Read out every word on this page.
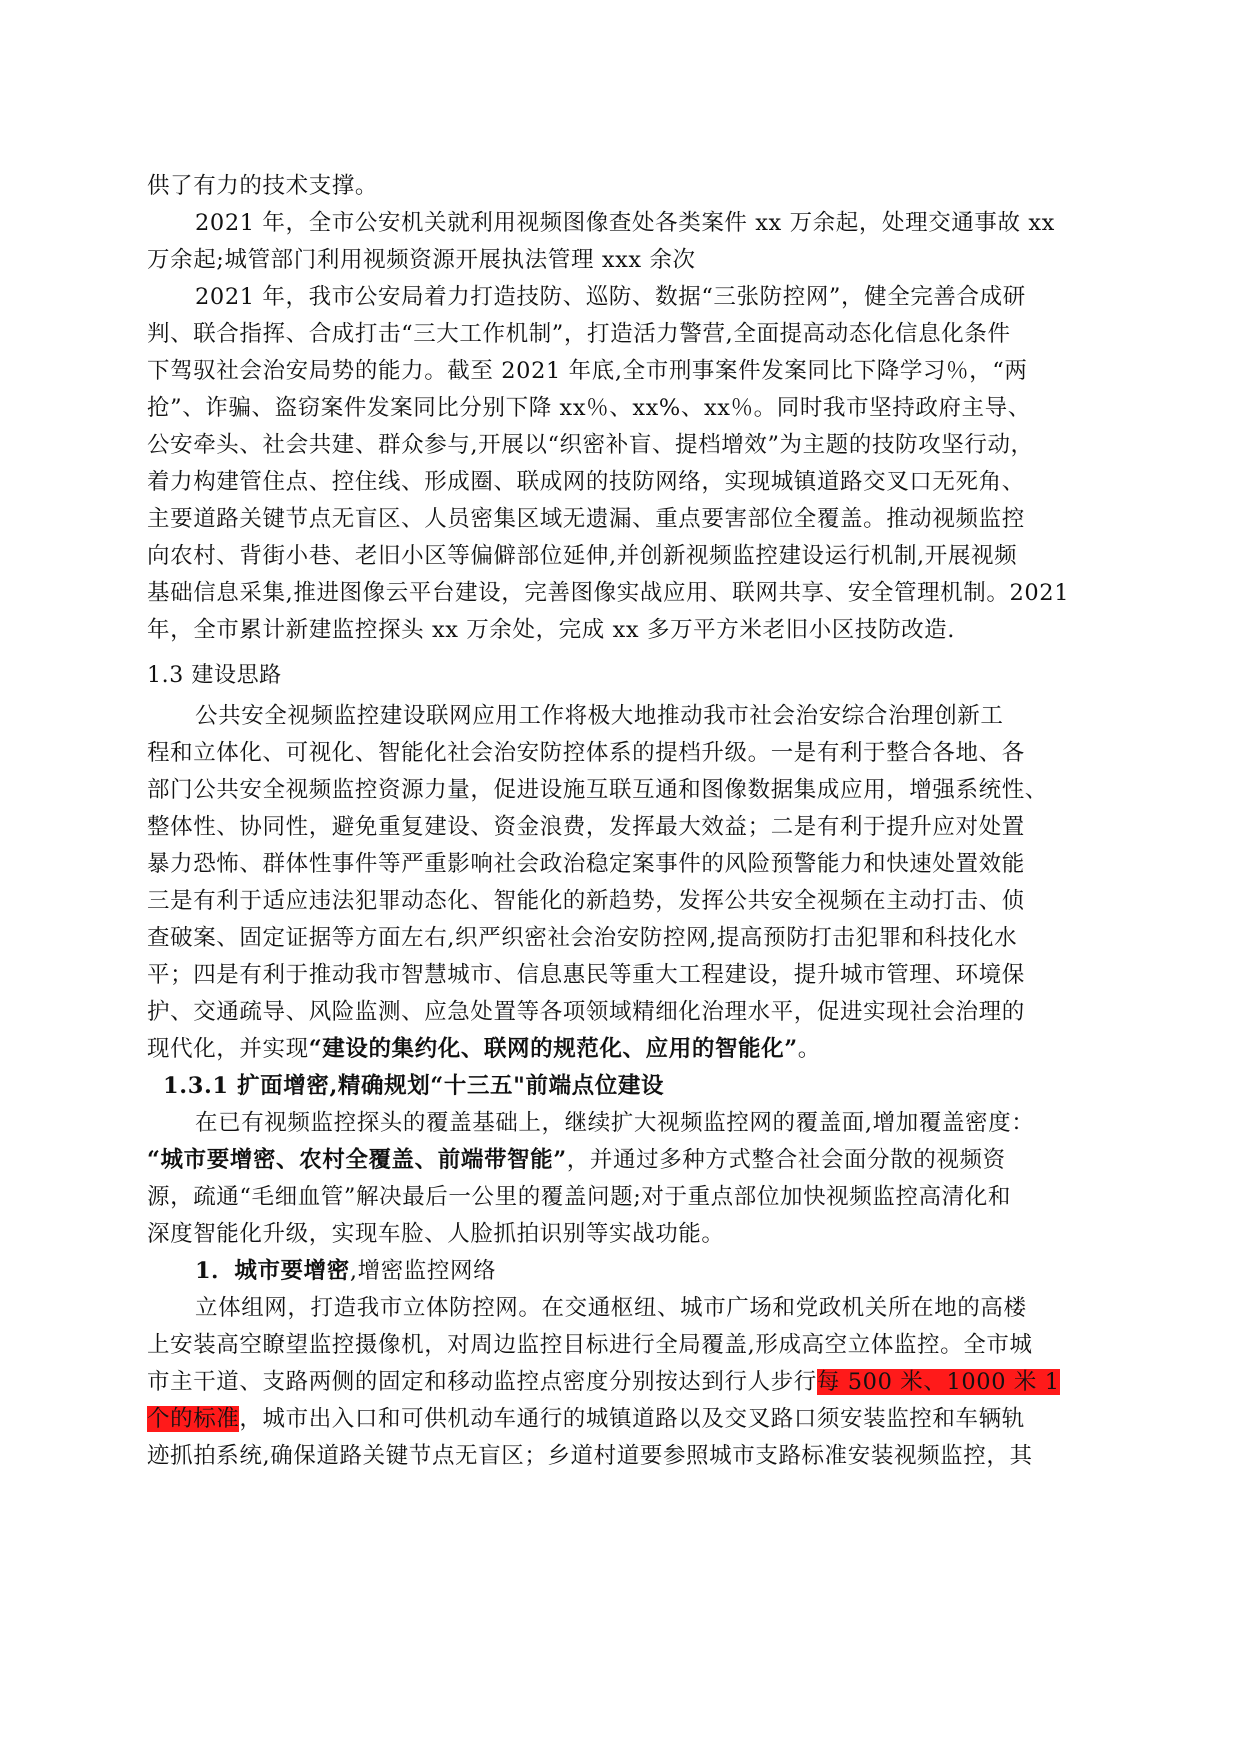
供了有力的技术支撑。
2021 年，全市公安机关就利用视频图像查处各类案件 xx 万余起，处理交通事故 xx
万余起;城管部门利用视频资源开展执法管理 xxx 余次
2021 年，我市公安局着力打造技防、巡防、数据“三张防控网”，健全完善合成研
判、联合指挥、合成打击“三大工作机制”，打造活力警营,全面提高动态化信息化条件
下驾驭社会治安局势的能力。截至 2021 年底,全市刑事案件发案同比下降学习％，“两
抢”、诈骗、盗窃案件发案同比分别下降 xx％、xx%、xx％。同时我市坚持政府主导、
公安牵头、社会共建、群众参与,开展以“织密补盲、提档增效”为主题的技防攻坚行动，
着力构建管住点、控住线、形成圈、联成网的技防网络，实现城镇道路交叉口无死角、
主要道路关键节点无盲区、人员密集区域无遗漏、重点要害部位全覆盖。推动视频监控
向农村、背街小巷、老旧小区等偏僻部位延伸,并创新视频监控建设运行机制,开展视频
基础信息采集,推进图像云平台建设，完善图像实战应用、联网共享、安全管理机制。2021
年，全市累计新建监控探头 xx 万余处，完成 xx 多万平方米老旧小区技防改造.
1.3 建设思路
公共安全视频监控建设联网应用工作将极大地推动我市社会治安综合治理创新工
程和立体化、可视化、智能化社会治安防控体系的提档升级。一是有利于整合各地、各
部门公共安全视频监控资源力量，促进设施互联互通和图像数据集成应用，增强系统性、
整体性、协同性，避免重复建设、资金浪费，发挥最大效益；二是有利于提升应对处置
暴力恐怖、群体性事件等严重影响社会政治稳定案事件的风险预警能力和快速处置效能
三是有利于适应违法犯罪动态化、智能化的新趋势，发挥公共安全视频在主动打击、侦
查破案、固定证据等方面左右,织严织密社会治安防控网,提高预防打击犯罪和科技化水
平；四是有利于推动我市智慧城市、信息惠民等重大工程建设，提升城市管理、环境保
护、交通疏导、风险监测、应急处置等各项领域精细化治理水平，促进实现社会治理的
现代化，并实现“建设的集约化、联网的规范化、应用的智能化”。
1.3.1 扩面增密,精确规划“十三五"前端点位建设
在已有视频监控探头的覆盖基础上，继续扩大视频监控网的覆盖面,增加覆盖密度：
“城市要增密、农村全覆盖、前端带智能”，并通过多种方式整合社会面分散的视频资
源，疏通“毛细血管”解决最后一公里的覆盖问题;对于重点部位加快视频监控高清化和
深度智能化升级，实现车脸、人脸抓拍识别等实战功能。
1．城市要增密,增密监控网络
立体组网，打造我市立体防控网。在交通枢纽、城市广场和党政机关所在地的高楼
上安装高空瞭望监控摄像机，对周边监控目标进行全局覆盖,形成高空立体监控。全市城
市主干道、支路两侧的固定和移动监控点密度分别按达到行人步行每 500 米、1000 米 1
个的标准，城市出入口和可供机动车通行的城镇道路以及交叉路口须安装监控和车辆轨
迹抓拍系统,确保道路关键节点无盲区；乡道村道要参照城市支路标准安装视频监控，其
